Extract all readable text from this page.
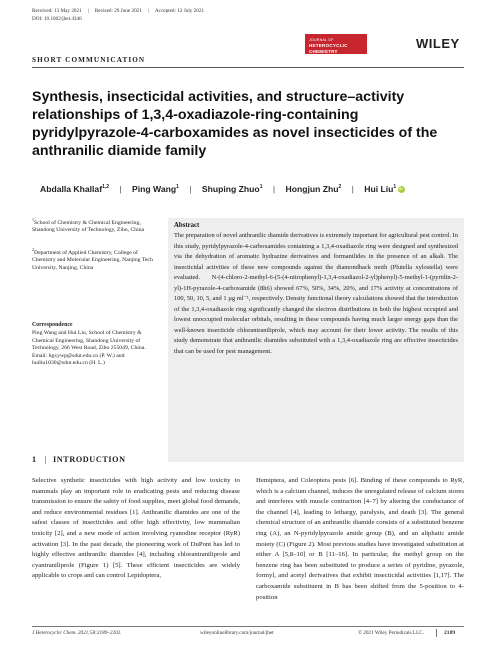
Received: 13 May 2021 | Revised: 29 June 2021 | Accepted: 12 July 2021
DOI: 10.1002/jhet.4346
JOURNAL OF
HETEROCYCLIC
CHEMISTRY
WILEY
SHORT COMMUNICATION
Synthesis, insecticidal activities, and structure–activity relationships of 1,3,4-oxadiazole-ring-containing pyridylpyrazole-4-carboxamides as novel insecticides of the anthranilic diamide family
Abdalla Khallaf$^{1,2}$ | Ping Wang$^1$ | Shuping Zhuo$^1$ | Hongjun Zhu$^2$ | Hui Liu$^1$iD
$^1$School of Chemistry & Chemical Engineering, Shandong University of Technology, Zibo, China
$^2$Department of Applied Chemistry, College of Chemistry and Molecular Engineering, Nanjing Tech University, Nanjing, China
Correspondence
Ping Wang and Hui Liu, School of Chemistry & Chemical Engineering, Shandong University of Technology, 266 West Road, Zibo 255049, China. Email: hgxywp@sdut.edu.cn (P. W.) and huiliu1030@sdut.edu.cn (H. L.)
Abstract

The preparation of novel anthranilic diamide derivatives is extremely important for agricultural pest control. In this study, pyridylpyrazole-4-carboxamides containing a 1,3,4-oxadiazole ring were designed and synthesized via the dehydration of aromatic hydrazine derivatives and formanilides in the presence of an alkali. The insecticidal activities of these new compounds against the diamondback moth (Plutella xylostella) were evaluated. N-(4-chloro-2-methyl-6-(5-(4-nitrophenyl)-1,3,4-oxadiazol-2-yl)phenyl)-5-methyl-1-(pyridin-2-yl)-1H-pyrazole-4-carboxamide (8h6) showed 67%, 50%, 34%, 20%, and 17% activity at concentrations of 100, 50, 10, 5, and 1 µg ml⁻¹, respectively. Density functional theory calculations showed that the introduction of the 1,3,4-oxadiazole ring significantly changed the electron distributions in both the highest occupied and lowest unoccupied molecular orbitals, resulting in these compounds having much larger energy gaps than the well-known insecticide chlorantraniliprole, which may account for their lower activity. The results of this study demonstrate that anthranilic diamides substituted with a 1,3,4-oxadiazole ring are effective insecticides that can be used for pest management.

1 | INTRODUCTION

Selective synthetic insecticides with high activity and low toxicity to mammals play an important role in eradicating pests and reducing disease transmission to ensure the safety of food supplies, meet global food demands, and reduce environmental residues [1]. Anthranilic diamides are one of the safest classes of insecticides and offer high effectivity, low mammalian toxicity [2], and a new mode of action involving ryanodine receptor (RyR) activation [3]. In the past decade, the pioneering work of DuPont has led to highly effective anthranilic diamides [4], including chlorantraniliprole and cyantraniliprole (Figure 1) [5]. These efficient insecticides are widely applicable to crops and can control Lepidoptera,

Hemiptera, and Coleoptera pests [6]. Binding of these compounds to RyR, which is a calcium channel, induces the unregulated release of calcium stores and interferes with muscle contraction [4–7] by altering the conductance of the channel [4], leading to lethargy, paralysis, and death [3]. The general chemical structure of an anthranilic diamide consists of a substituted benzene ring (A), an N-pyridylpyrazole amide group (B), and an aliphatic amide moiety (C) (Figure 2). Most previous studies have investigated substitution at either A [5,8–10] or B [11–16]. In particular, the methyl group on the benzene ring has been substituted to produce a series of pyridine, pyrazole, formyl, and acetyl derivatives that exhibit insecticidal activities [1,17]. The carboxamide substituent in B has been shifted from the 5-position to 4-position

J Heterocyclic Chem. 2021;58:2189–2202.	wileyonlinelibrary.com/journal/jhet	© 2021 Wiley Periodicals LLC.	2189
